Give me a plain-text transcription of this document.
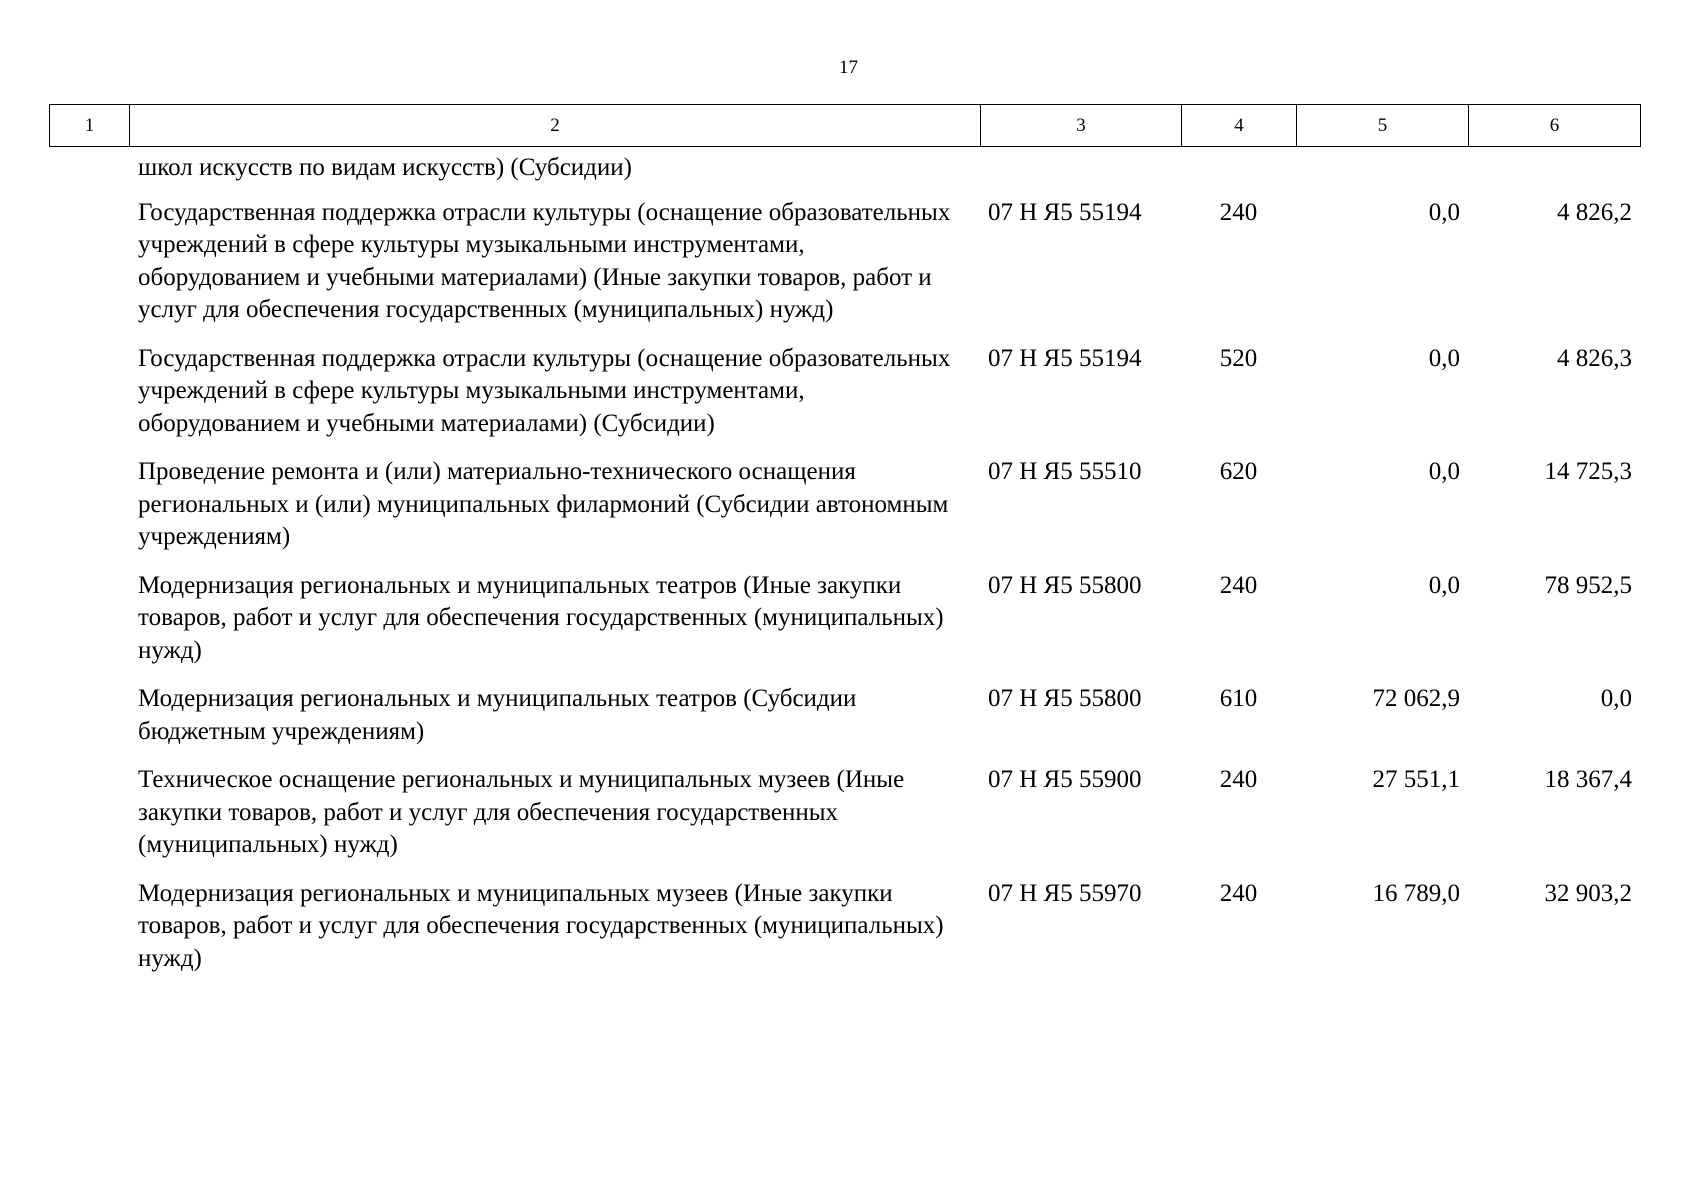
17
1	2	3	4	5	6
	школ искусств по видам искусств) (Субсидии)				
	Государственная поддержка отрасли культуры (оснащение образовательных учреждений в сфере культуры музыкальными инструментами, оборудованием и учебными материалами) (Иные закупки товаров, работ и услуг для обеспечения государственных (муниципальных) нужд)	07 Н Я5 55194	240	0,0	4 826,2
	Государственная поддержка отрасли культуры (оснащение образовательных учреждений в сфере культуры музыкальными инструментами, оборудованием и учебными материалами) (Субсидии)	07 Н Я5 55194	520	0,0	4 826,3
	Проведение ремонта и (или) материально-технического оснащения региональных и (или) муниципальных филармоний (Субсидии автономным учреждениям)	07 Н Я5 55510	620	0,0	14 725,3
	Модернизация региональных и муниципальных театров (Иные закупки товаров, работ и услуг для обеспечения государственных (муниципальных) нужд)	07 Н Я5 55800	240	0,0	78 952,5
	Модернизация региональных и муниципальных театров (Субсидии бюджетным учреждениям)	07 Н Я5 55800	610	72 062,9	0,0
	Техническое оснащение региональных и муниципальных музеев (Иные закупки товаров, работ и услуг для обеспечения государственных (муниципальных) нужд)	07 Н Я5 55900	240	27 551,1	18 367,4
	Модернизация региональных и муниципальных музеев (Иные закупки товаров, работ и услуг для обеспечения государственных (муниципальных) нужд)	07 Н Я5 55970	240	16 789,0	32 903,2
